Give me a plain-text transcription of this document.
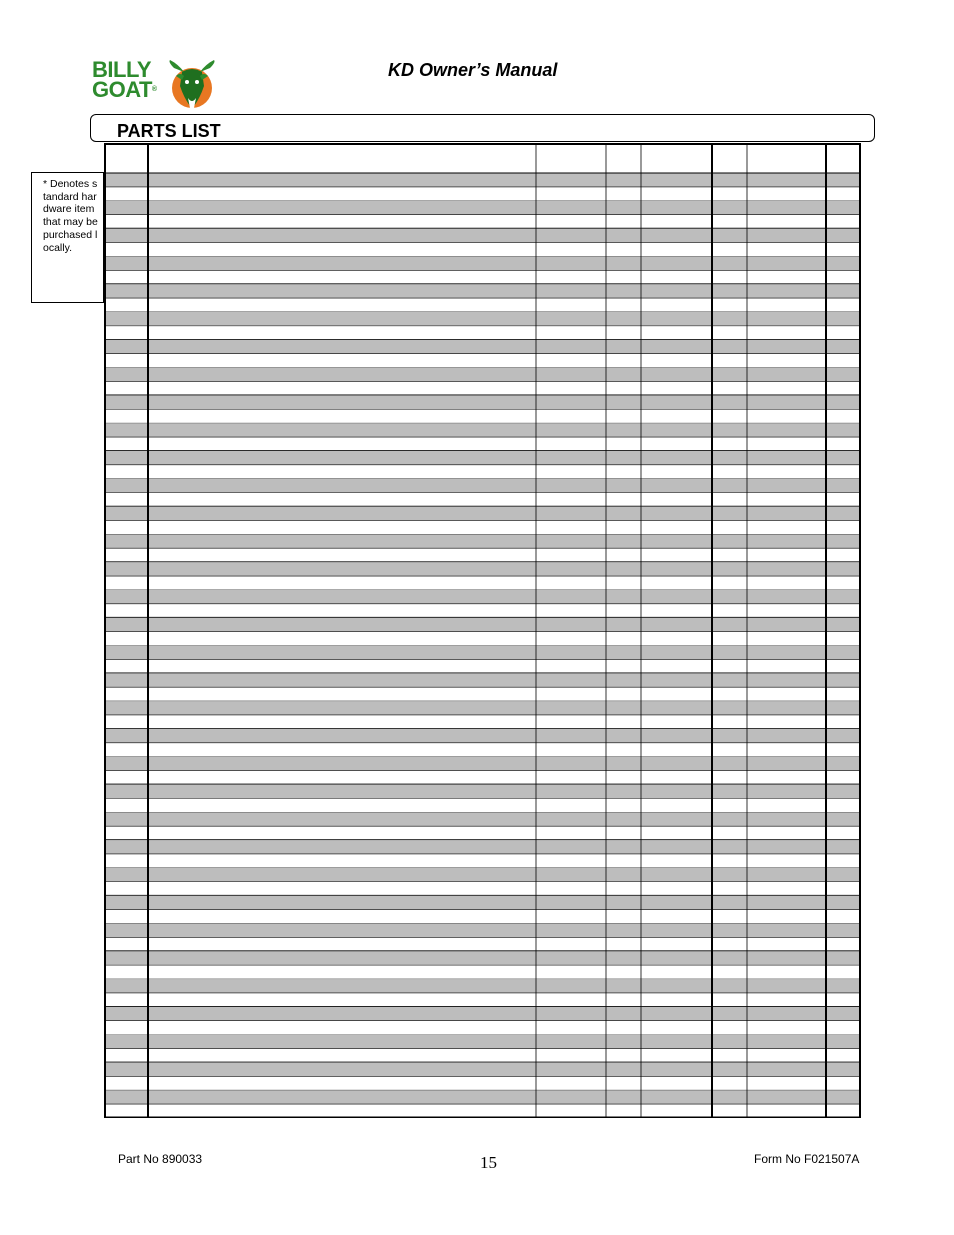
BILLY
GOAT®
KD Owner’s Manual
PARTS LIST
* Denotes standard hardware item that may be purchased locally.
Part No 890033	15	Form No F021507A
